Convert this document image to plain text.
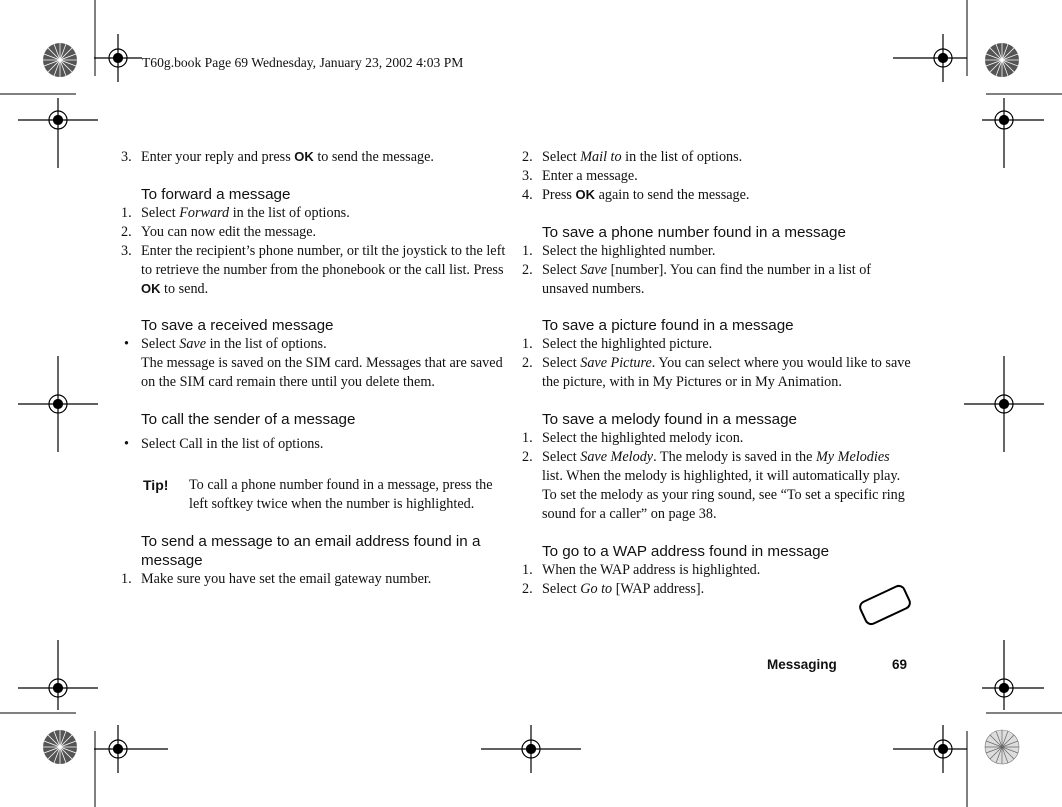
T60g.book Page 69 Wednesday, January 23, 2002 4:03 PM
3. Enter your reply and press OK to send the message.
To forward a message
1. Select Forward in the list of options.
2. You can now edit the message.
3. Enter the recipient’s phone number, or tilt the joystick to the left to retrieve the number from the phonebook or the call list. Press OK to send.
To save a received message
• Select Save in the list of options.
The message is saved on the SIM card. Messages that are saved on the SIM card remain there until you delete them.
To call the sender of a message
• Select Call in the list of options.
Tip!	To call a phone number found in a message, press the left softkey twice when the number is highlighted.
To send a message to an email address found in a message
1. Make sure you have set the email gateway number.
2. Select Mail to in the list of options.
3. Enter a message.
4. Press OK again to send the message.
To save a phone number found in a message
1. Select the highlighted number.
2. Select Save [number]. You can find the number in a list of unsaved numbers.
To save a picture found in a message
1. Select the highlighted picture.
2. Select Save Picture. You can select where you would like to save the picture, with in My Pictures or in My Animation.
To save a melody found in a message
1. Select the highlighted melody icon.
2. Select Save Melody. The melody is saved in the My Melodies list. When the melody is highlighted, it will automatically play. To set the melody as your ring sound, see “To set a specific ring sound for a caller” on page 38.
To go to a WAP address found in message
1. When the WAP address is highlighted.
2. Select Go to [WAP address].
Messaging	69
